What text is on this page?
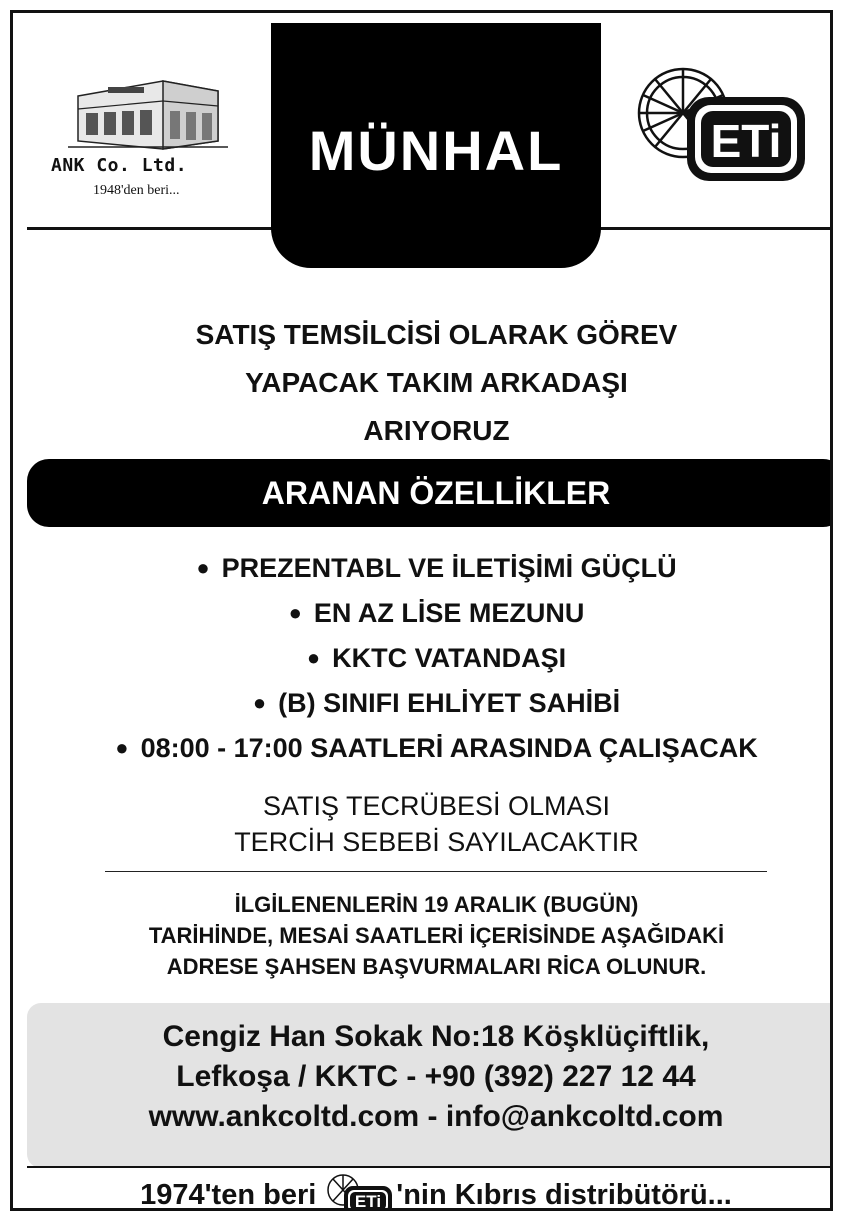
ANK Co. Ltd.
1948'den beri...
MÜNHAL	ETi
SATIŞ TEMSİLCİSİ OLARAK GÖREV
YAPACAK TAKIM ARKADAŞI
ARIYORUZ
ARANAN ÖZELLİKLER
● PREZENTABL VE İLETİŞİMİ GÜÇLÜ
● EN AZ LİSE MEZUNU
● KKTC VATANDAŞI
● (B) SINIFI EHLİYET SAHİBİ
● 08:00 - 17:00 SAATLERİ ARASINDA ÇALIŞACAK
SATIŞ TECRÜBESİ OLMASI
TERCİH SEBEBİ SAYILACAKTIR
İLGİLENENLERİN 19 ARALIK (BUGÜN)
TARİHİNDE, MESAİ SAATLERİ İÇERİSİNDE AŞAĞIDAKİ
ADRESE ŞAHSEN BAŞVURMALARI RİCA OLUNUR.
Cengiz Han Sokak No:18 Köşklüçiftlik,
Lefkoşa / KKTC - +90 (392) 227 12 44
www.ankcoltd.com - info@ankcoltd.com
1974'ten beri ETi 'nin Kıbrıs distribütörü...
